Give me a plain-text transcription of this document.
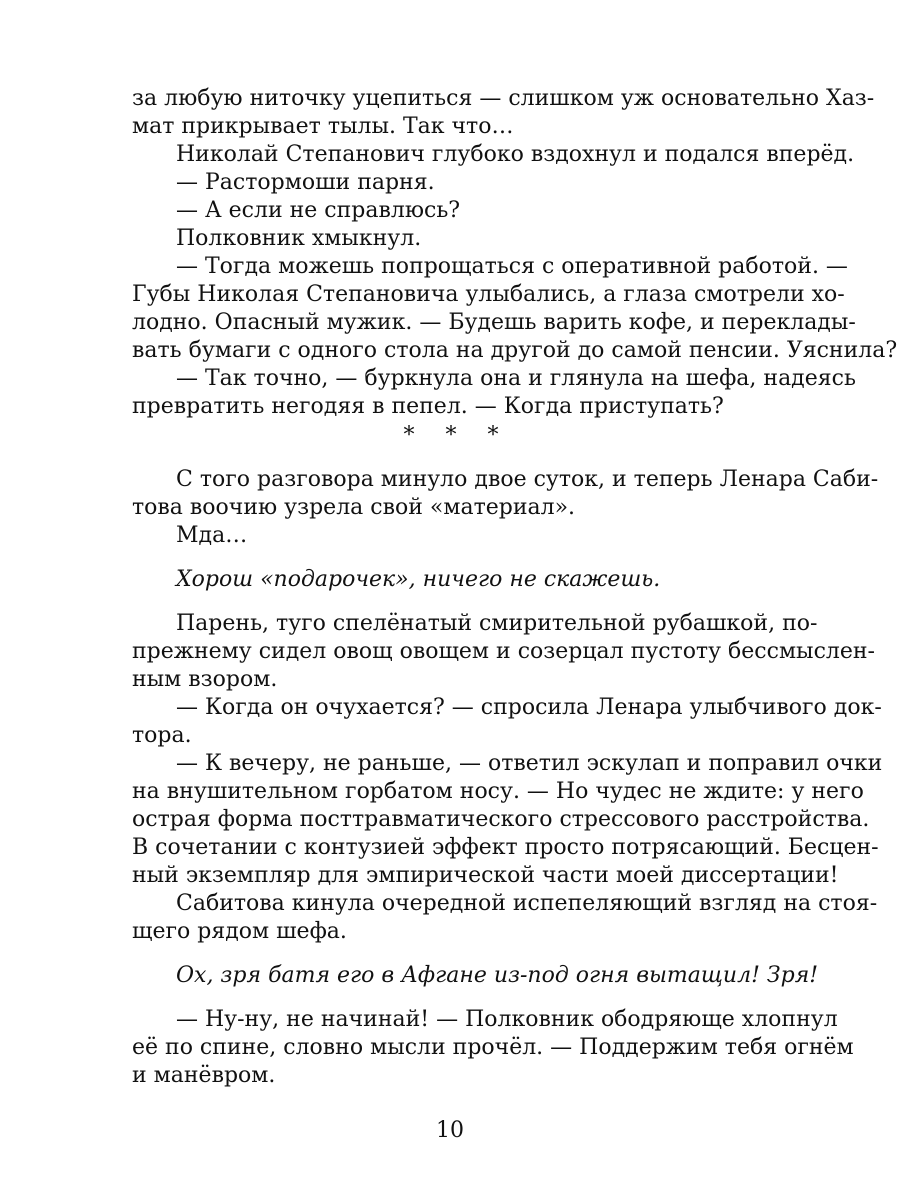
за любую ниточку уцепиться — слишком уж основательно Хаз-
мат прикрывает тылы. Так что…
Николай Степанович глубоко вздохнул и подался вперёд.
— Растормоши парня.
— А если не справлюсь?
Полковник хмыкнул.
— Тогда можешь попрощаться с оперативной работой. —
Губы Николая Степановича улыбались, а глаза смотрели хо-
лодно. Опасный мужик. — Будешь варить кофе, и переклады-
вать бумаги с одного стола на другой до самой пенсии. Уяснила?
— Так точно, — буркнула она и глянула на шефа, надеясь
превратить негодяя в пепел. — Когда приступать?
* * *
С того разговора минуло двое суток, и теперь Ленара Саби-
това воочию узрела свой «материал».
Мда…
Хорош «подарочек», ничего не скажешь.
Парень, туго спелёнатый смирительной рубашкой, по-
прежнему сидел овощ овощем и созерцал пустоту бессмыслен-
ным взором.
— Когда он очухается? — спросила Ленара улыбчивого док-
тора.
— К вечеру, не раньше, — ответил эскулап и поправил очки
на внушительном горбатом носу. — Но чудес не ждите: у него
острая форма посттравматического стрессового расстройства.
В сочетании с контузией эффект просто потрясающий. Бесцен-
ный экземпляр для эмпирической части моей диссертации!
Сабитова кинула очередной испепеляющий взгляд на стоя-
щего рядом шефа.
Ох, зря батя его в Афгане из-под огня вытащил! Зря!
— Ну-ну, не начинай! — Полковник ободряюще хлопнул
её по спине, словно мысли прочёл. — Поддержим тебя огнём
и манёвром.
10
